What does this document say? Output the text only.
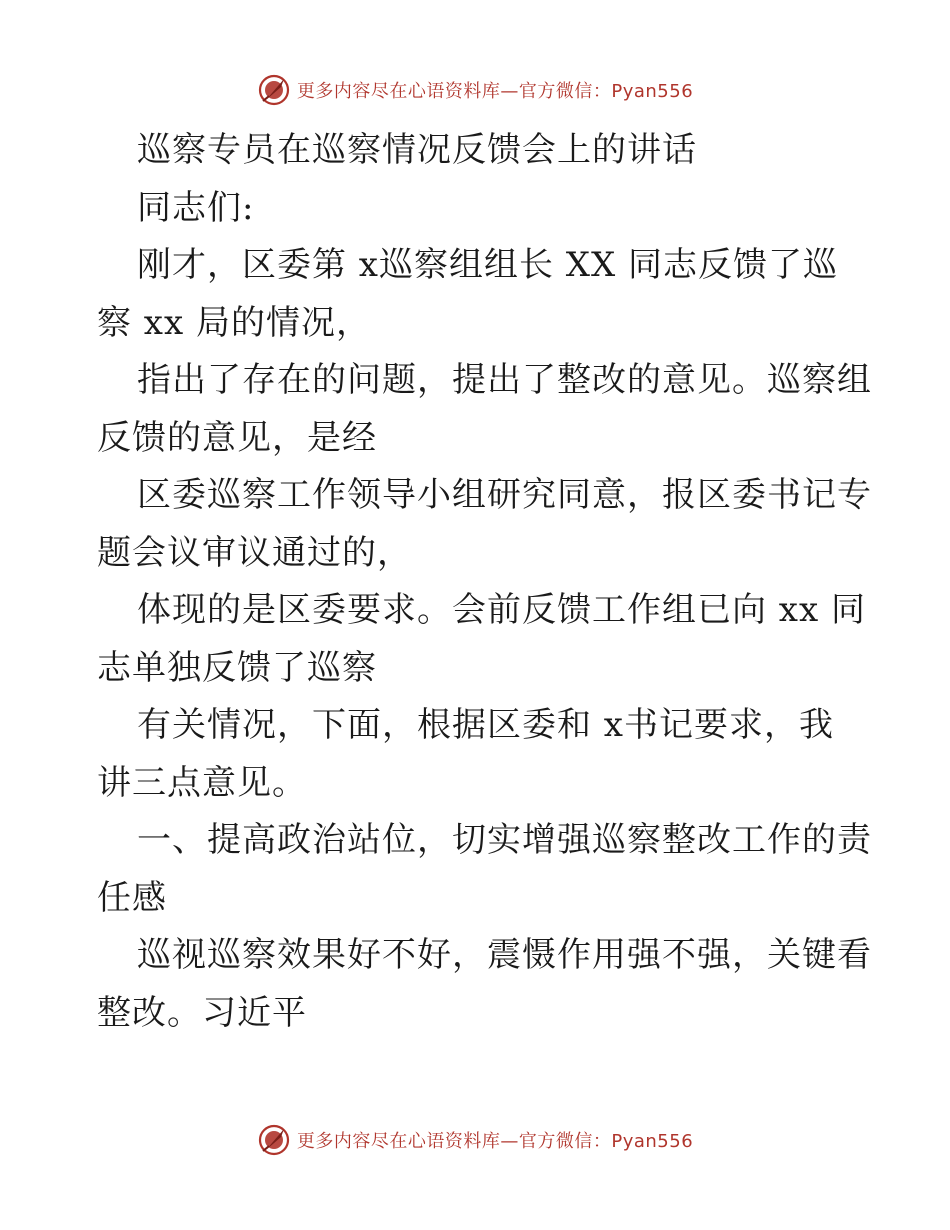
更多内容尽在心语资料库—官方微信：Pyan556
巡察专员在巡察情况反馈会上的讲话
同志们:
刚才，区委第 x巡察组组长 XX 同志反馈了巡
察 xx 局的情况，
指出了存在的问题，提出了整改的意见。巡察组
反馈的意见，是经
区委巡察工作领导小组研究同意，报区委书记专
题会议审议通过的，
体现的是区委要求。会前反馈工作组已向 xx 同
志单独反馈了巡察
有关情况，下面，根据区委和 x书记要求，我
讲三点意见。
一、提高政治站位，切实增强巡察整改工作的责
任感
巡视巡察效果好不好，震慑作用强不强，关键看
整改。习近平
更多内容尽在心语资料库—官方微信：Pyan556
